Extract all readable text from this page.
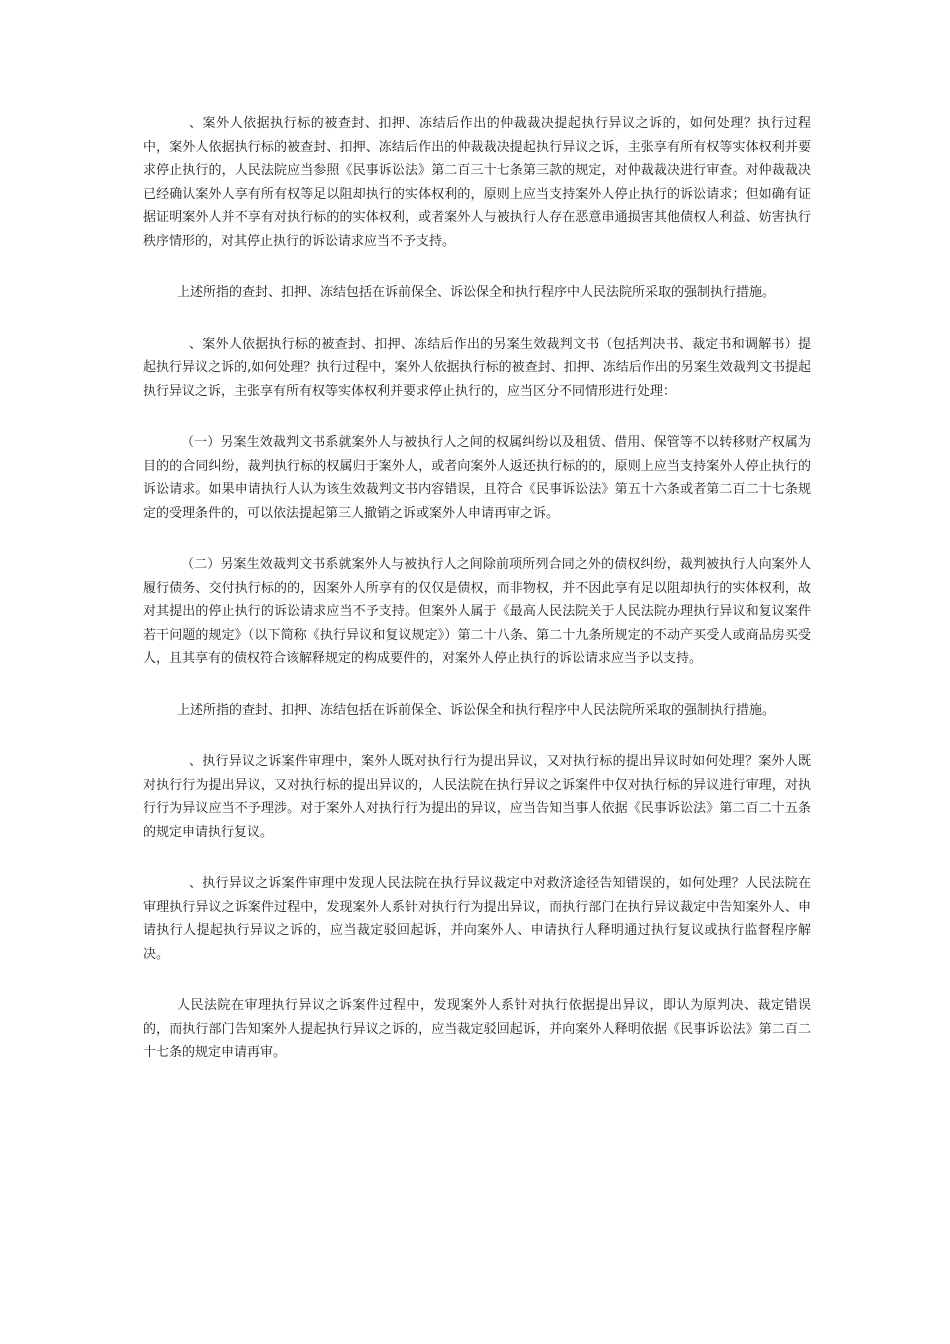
、案外人依据执行标的被查封、扣押、冻结后作出的仲裁裁决提起执行异议之诉的，如何处理？执行过程中，案外人依据执行标的被查封、扣押、冻结后作出的仲裁裁决提起执行异议之诉，主张享有所有权等实体权利并要求停止执行的，人民法院应当参照《民事诉讼法》第二百三十七条第三款的规定，对仲裁裁决进行审查。对仲裁裁决已经确认案外人享有所有权等足以阻却执行的实体权利的，原则上应当支持案外人停止执行的诉讼请求；但如确有证据证明案外人并不享有对执行标的的实体权利，或者案外人与被执行人存在恶意串通损害其他债权人利益、妨害执行秩序情形的，对其停止执行的诉讼请求应当不予支持。

上述所指的查封、扣押、冻结包括在诉前保全、诉讼保全和执行程序中人民法院所采取的强制执行措施。

、案外人依据执行标的被查封、扣押、冻结后作出的另案生效裁判文书（包括判决书、裁定书和调解书）提起执行异议之诉的,如何处理？执行过程中，案外人依据执行标的被查封、扣押、冻结后作出的另案生效裁判文书提起执行异议之诉，主张享有所有权等实体权利并要求停止执行的，应当区分不同情形进行处理：

（一）另案生效裁判文书系就案外人与被执行人之间的权属纠纷以及租赁、借用、保管等不以转移财产权属为目的的合同纠纷，裁判执行标的权属归于案外人，或者向案外人返还执行标的的，原则上应当支持案外人停止执行的诉讼请求。如果申请执行人认为该生效裁判文书内容错误，且符合《民事诉讼法》第五十六条或者第二百二十七条规定的受理条件的，可以依法提起第三人撤销之诉或案外人申请再审之诉。

（二）另案生效裁判文书系就案外人与被执行人之间除前项所列合同之外的债权纠纷，裁判被执行人向案外人履行债务、交付执行标的的，因案外人所享有的仅仅是债权，而非物权，并不因此享有足以阻却执行的实体权利，故对其提出的停止执行的诉讼请求应当不予支持。但案外人属于《最高人民法院关于人民法院办理执行异议和复议案件若干问题的规定》（以下简称《执行异议和复议规定》）第二十八条、第二十九条所规定的不动产买受人或商品房买受人，且其享有的债权符合该解释规定的构成要件的，对案外人停止执行的诉讼请求应当予以支持。

上述所指的查封、扣押、冻结包括在诉前保全、诉讼保全和执行程序中人民法院所采取的强制执行措施。

、执行异议之诉案件审理中，案外人既对执行行为提出异议，又对执行标的提出异议时如何处理？案外人既对执行行为提出异议，又对执行标的提出异议的，人民法院在执行异议之诉案件中仅对执行标的异议进行审理，对执行行为异议应当不予理涉。对于案外人对执行行为提出的异议，应当告知当事人依据《民事诉讼法》第二百二十五条的规定申请执行复议。

、执行异议之诉案件审理中发现人民法院在执行异议裁定中对救济途径告知错误的，如何处理？人民法院在审理执行异议之诉案件过程中，发现案外人系针对执行行为提出异议，而执行部门在执行异议裁定中告知案外人、申请执行人提起执行异议之诉的，应当裁定驳回起诉，并向案外人、申请执行人释明通过执行复议或执行监督程序解决。

人民法院在审理执行异议之诉案件过程中，发现案外人系针对执行依据提出异议，即认为原判决、裁定错误的，而执行部门告知案外人提起执行异议之诉的，应当裁定驳回起诉，并向案外人释明依据《民事诉讼法》第二百二十七条的规定申请再审。
